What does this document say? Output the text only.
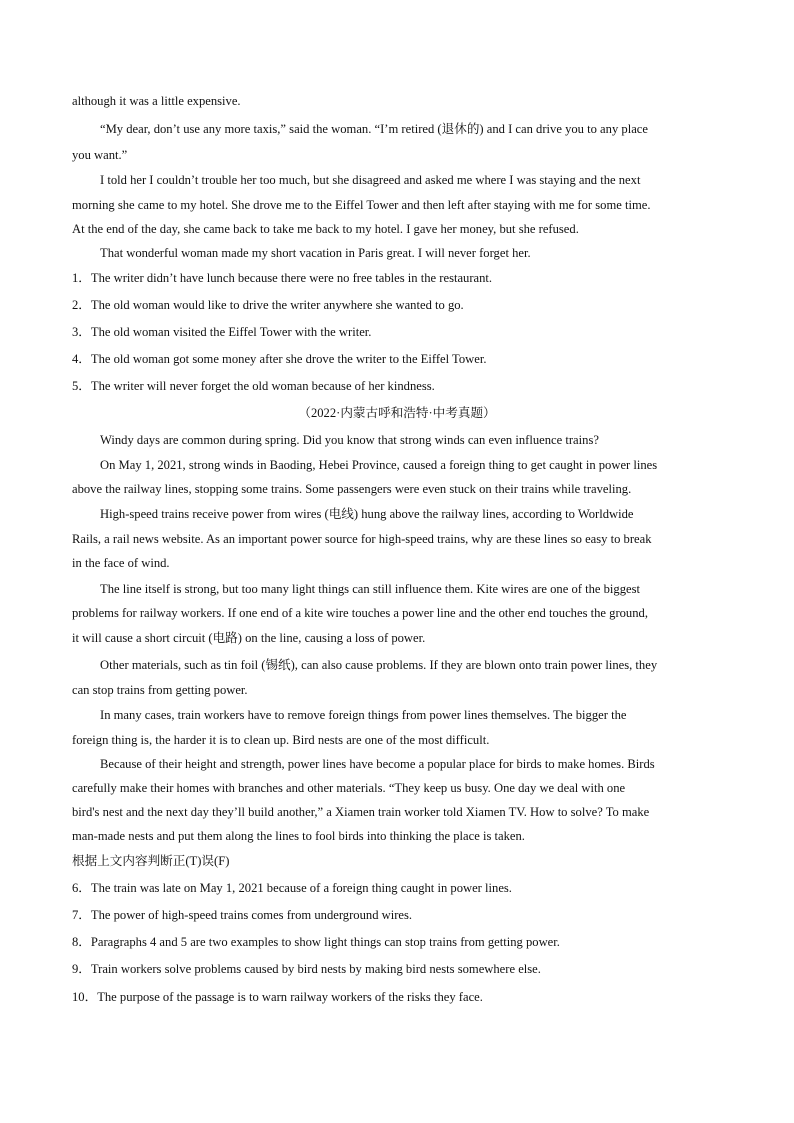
although it was a little expensive.
“My dear, don’t use any more taxis,” said the woman. “I’m retired (退休的) and I can drive you to any place
you want.”
I told her I couldn’t trouble her too much, but she disagreed and asked me where I was staying and the next
morning she came to my hotel. She drove me to the Eiffel Tower and then left after staying with me for some time.
At the end of the day, she came back to take me back to my hotel. I gave her money, but she refused.
That wonderful woman made my short vacation in Paris great. I will never forget her.
1．The writer didn’t have lunch because there were no free tables in the restaurant.
2．The old woman would like to drive the writer anywhere she wanted to go.
3．The old woman visited the Eiffel Tower with the writer.
4．The old woman got some money after she drove the writer to the Eiffel Tower.
5．The writer will never forget the old woman because of her kindness.
（2022·内蒙古呼和浩特·中考真题）
Windy days are common during spring. Did you know that strong winds can even influence trains?
On May 1, 2021, strong winds in Baoding, Hebei Province, caused a foreign thing to get caught in power lines
above the railway lines, stopping some trains. Some passengers were even stuck on their trains while traveling.
High-speed trains receive power from wires (电线) hung above the railway lines, according to Worldwide
Rails, a rail news website. As an important power source for high-speed trains, why are these lines so easy to break
in the face of wind.
The line itself is strong, but too many light things can still influence them. Kite wires are one of the biggest
problems for railway workers. If one end of a kite wire touches a power line and the other end touches the ground,
it will cause a short circuit (电路) on the line, causing a loss of power.
Other materials, such as tin foil (锡纸), can also cause problems. If they are blown onto train power lines, they
can stop trains from getting power.
In many cases, train workers have to remove foreign things from power lines themselves. The bigger the
foreign thing is, the harder it is to clean up. Bird nests are one of the most difficult.
Because of their height and strength, power lines have become a popular place for birds to make homes. Birds
carefully make their homes with branches and other materials. “They keep us busy. One day we deal with one
bird's nest and the next day they’ll build another,” a Xiamen train worker told Xiamen TV. How to solve? To make
man-made nests and put them along the lines to fool birds into thinking the place is taken.
根据上文内容判断正(T)误(F)
6．The train was late on May 1, 2021 because of a foreign thing caught in power lines.
7．The power of high-speed trains comes from underground wires.
8．Paragraphs 4 and 5 are two examples to show light things can stop trains from getting power.
9．Train workers solve problems caused by bird nests by making bird nests somewhere else.
10．The purpose of the passage is to warn railway workers of the risks they face.
